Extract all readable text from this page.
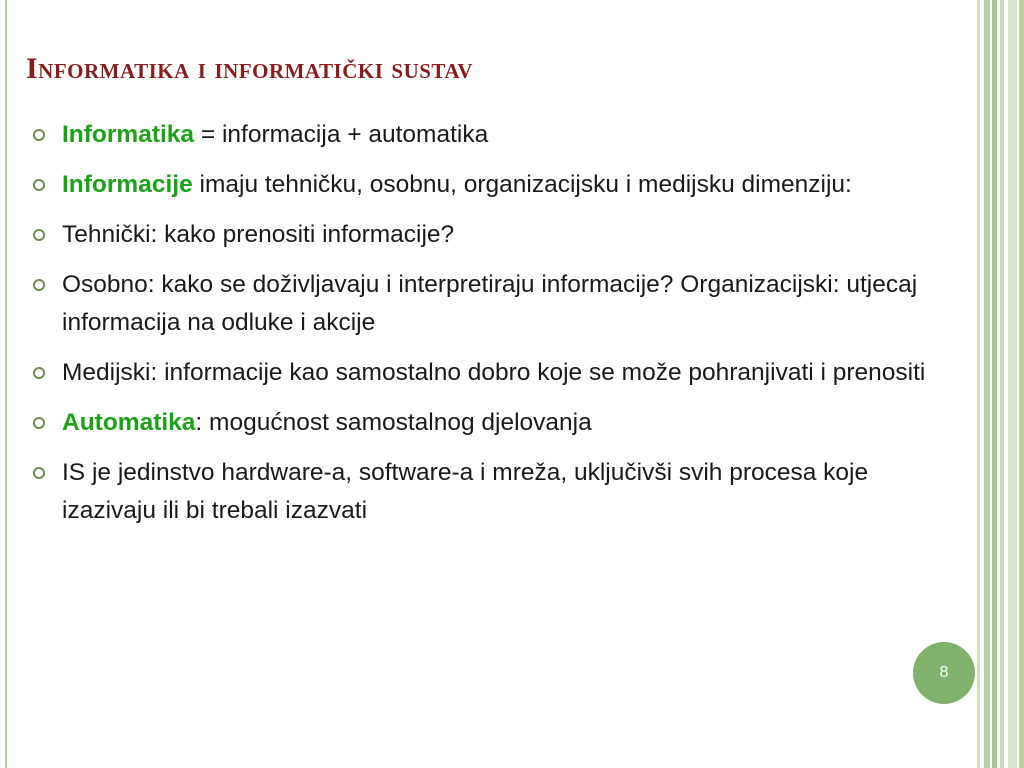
Informatika i informatički sustav
Informatika = informacija + automatika
Informacije imaju tehničku, osobnu, organizacijsku i medijsku dimenziju:
Tehnički: kako prenositi informacije?
Osobno: kako se doživljavaju i interpretiraju informacije? Organizacijski: utjecaj informacija na odluke i akcije
Medijski: informacije kao samostalno dobro koje se može pohranjivati i prenositi
Automatika: mogućnost samostalnog djelovanja
IS je jedinstvo hardware-a, software-a i mreža, uključivši svih procesa koje izazivaju ili bi trebali izazvati
8
